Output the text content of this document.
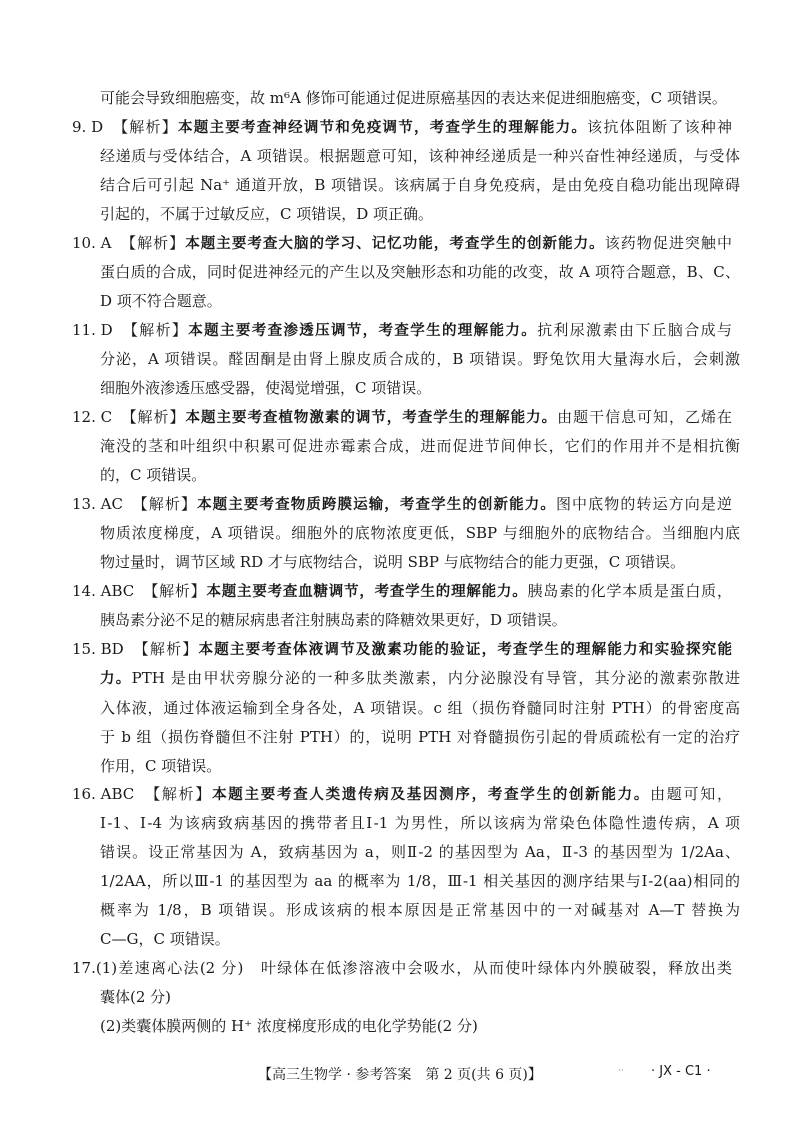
可能会导致细胞癌变，故 m⁶A 修饰可能通过促进原癌基因的表达来促进细胞癌变，C 项错误。
9. D　 【解析】本题主要考查神经调节和免疫调节，考查学生的理解能力。该抗体阻断了该种神
经递质与受体结合，A 项错误。根据题意可知，该种神经递质是一种兴奋性神经递质，与受体
结合后可引起 Na⁺ 通道开放，B 项错误。该病属于自身免疫病，是由免疫自稳功能出现障碍
引起的，不属于过敏反应，C 项错误，D 项正确。
10. A　 【解析】本题主要考查大脑的学习、记忆功能，考查学生的创新能力。该药物促进突触中
蛋白质的合成，同时促进神经元的产生以及突触形态和功能的改变，故 A 项符合题意，B、C、
D 项不符合题意。
11. D　 【解析】本题主要考查渗透压调节，考查学生的理解能力。抗利尿激素由下丘脑合成与
分泌，A 项错误。醛固酮是由肾上腺皮质合成的，B 项错误。野兔饮用大量海水后，会刺激
细胞外液渗透压感受器，使渴觉增强，C 项错误。
12. C　 【解析】本题主要考查植物激素的调节，考查学生的理解能力。由题干信息可知，乙烯在
淹没的茎和叶组织中积累可促进赤霉素合成，进而促进节间伸长，它们的作用并不是相抗衡
的，C 项错误。
13. AC　 【解析】本题主要考查物质跨膜运输，考查学生的创新能力。图中底物的转运方向是逆
物质浓度梯度，A 项错误。细胞外的底物浓度更低，SBP 与细胞外的底物结合。当细胞内底
物过量时，调节区域 RD 才与底物结合，说明 SBP 与底物结合的能力更强，C 项错误。
14. ABC　 【解析】本题主要考查血糖调节，考查学生的理解能力。胰岛素的化学本质是蛋白质，
胰岛素分泌不足的糖尿病患者注射胰岛素的降糖效果更好，D 项错误。
15. BD　 【解析】本题主要考查体液调节及激素功能的验证，考查学生的理解能力和实验探究能
力。PTH 是由甲状旁腺分泌的一种多肽类激素，内分泌腺没有导管，其分泌的激素弥散进
入体液，通过体液运输到全身各处，A 项错误。c 组（损伤脊髓同时注射 PTH）的骨密度高
于 b 组（损伤脊髓但不注射 PTH）的，说明 PTH 对脊髓损伤引起的骨质疏松有一定的治疗
作用，C 项错误。
16. ABC　 【解析】本题主要考查人类遗传病及基因测序，考查学生的创新能力。由题可知，
Ⅰ-1、Ⅰ-4 为该病致病基因的携带者且Ⅰ-1 为男性，所以该病为常染色体隐性遗传病，A 项
错误。设正常基因为 A，致病基因为 a，则Ⅱ-2 的基因型为 Aa，Ⅱ-3 的基因型为 1/2Aa、
1/2AA，所以Ⅲ-1 的基因型为 aa 的概率为 1/8，Ⅲ-1 相关基因的测序结果与Ⅰ-2(aa)相同的
概率为 1/8，B 项错误。形成该病的根本原因是正常基因中的一对碱基对 A—T 替换为
C—G，C 项错误。
17.(1)差速离心法(2 分)　叶绿体在低渗溶液中会吸水，从而使叶绿体内外膜破裂，释放出类
囊体(2 分)
(2)类囊体膜两侧的 H⁺ 浓度梯度形成的电化学势能(2 分)
【高三生物学 · 参考答案　第 2 页(共 6 页)】	·· · JX - C1 ·
